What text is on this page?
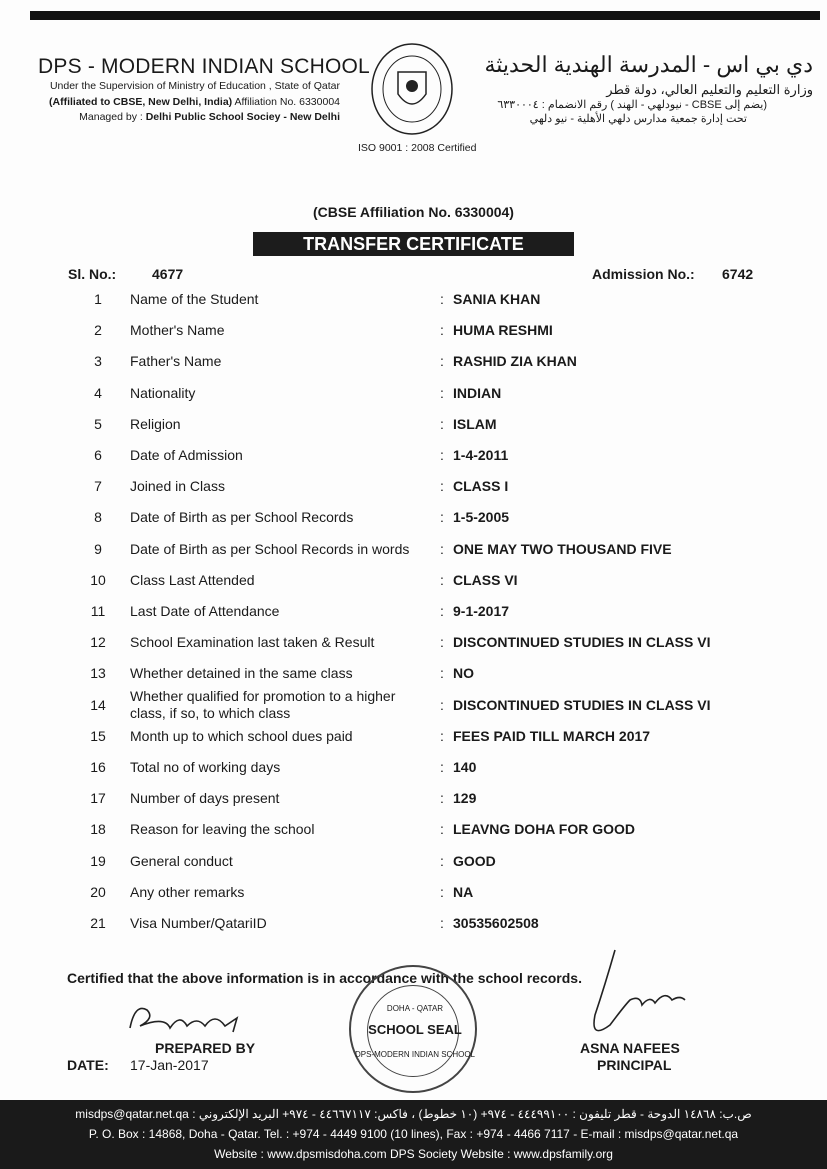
DPS - MODERN INDIAN SCHOOL
Under the Supervision of Ministry of Education , State of Qatar
(Affiliated to CBSE, New Delhi, India) Affiliation No. 6330004
Managed by : Delhi Public School Sociey - New Delhi
دي بي اس - المدرسة الهندية الحديثة
وزارة التعليم والتعليم العالي، دولة قطر
(يضم إلى CBSE - نيودلهي - الهند ) رقم الانضمام : ٦٣٣٠٠٠٤
تحت إدارة جمعية مدارس دلهي الأهلية - نيو دلهي
ISO 9001 : 2008 Certified
(CBSE Affiliation No. 6330004)
TRANSFER CERTIFICATE
Sl. No.:	4677	Admission No.: 6742
1	Name of the Student	: SANIA KHAN
2	Mother's Name	: HUMA RESHMI
3	Father's Name	: RASHID ZIA KHAN
4	Nationality	: INDIAN
5	Religion	: ISLAM
6	Date of Admission	: 1-4-2011
7	Joined in Class	: CLASS I
8	Date of Birth as per School Records	: 1-5-2005
9	Date of Birth as per School Records in words : ONE MAY TWO THOUSAND FIVE
10	Class Last Attended	: CLASS VI
11	Last Date of Attendance	: 9-1-2017
12	School Examination last taken & Result	: DISCONTINUED STUDIES IN CLASS VI
13	Whether detained in the same class	: NO
14
Whether qualified for promotion to a higher
class, if so, to which class	: DISCONTINUED STUDIES IN CLASS VI
15	Month up to which school dues paid	: FEES PAID TILL MARCH 2017
16	Total no of working days	: 140
17	Number of days present	: 129
18	Reason for leaving the school	: LEAVNG DOHA FOR GOOD
19	General conduct	: GOOD
20	Any other remarks	: NA
21	Visa Number/QatariID	: 30535602508
Certified that the above information is in accordance with the school records.
PREPARED BY
DATE: 17-Jan-2017
DOHA - QATAR
SCHOOL SEAL
DPS-MODERN INDIAN SCHOOL	ASNA NAFEES
PRINCIPAL
ص.ب: ١٤٨٦٨ الدوحة - قطر تليفون : ٤٤٤٩٩١٠٠ - ٩٧٤+ (١٠ خطوط) ، فاكس: ٤٤٦٦٧١١٧ - ٩٧٤+ البريد الإلكتروني : misdps@qatar.net.qa
P. O. Box : 14868, Doha - Qatar. Tel. : +974 - 4449 9100 (10 lines), Fax : +974 - 4466 7117 - E-mail : misdps@qatar.net.qa
Website : www.dpsmisdoha.com DPS Society Website : www.dpsfamily.org
